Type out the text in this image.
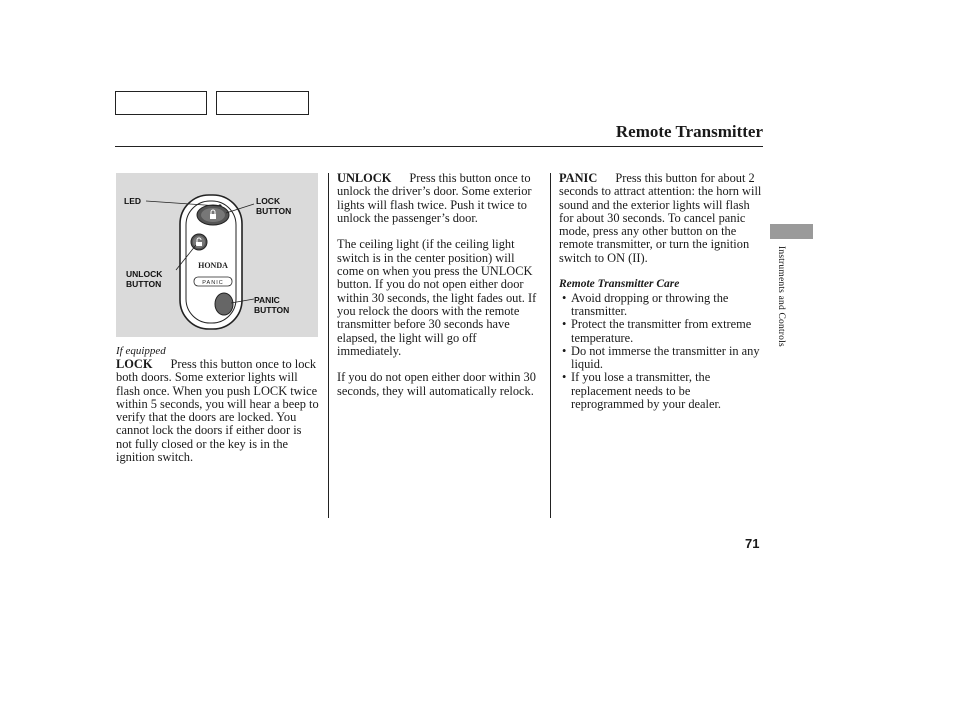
Remote Transmitter
HONDA
PANIC
LED	LOCK
BUTTON
UNLOCK
BUTTON
PANIC
BUTTON

If equipped

LOCK Press this button once to lock both doors. Some exterior lights will flash once. When you push LOCK twice within 5 seconds, you will hear a beep to verify that the doors are locked. You cannot lock the doors if either door is not fully closed or the key is in the ignition switch.

UNLOCK Press this button once to unlock the driver’s door. Some exterior lights will flash twice. Push it twice to unlock the passenger’s door.

The ceiling light (if the ceiling light switch is in the center position) will come on when you press the UNLOCK button. If you do not open either door within 30 seconds, the light fades out. If you relock the doors with the remote transmitter before 30 seconds have elapsed, the light will go off immediately.

If you do not open either door within 30 seconds, they will automatically relock.

PANIC Press this button for about 2 seconds to attract attention: the horn will sound and the exterior lights will flash for about 30 seconds. To cancel panic mode, press any other button on the remote transmitter, or turn the ignition switch to ON (II).

Remote Transmitter Care

• Avoid dropping or throwing the transmitter.
• Protect the transmitter from extreme temperature.
• Do not immerse the transmitter in any liquid.
• If you lose a transmitter, the replacement needs to be reprogrammed by your dealer.
Instruments and Controls
71
